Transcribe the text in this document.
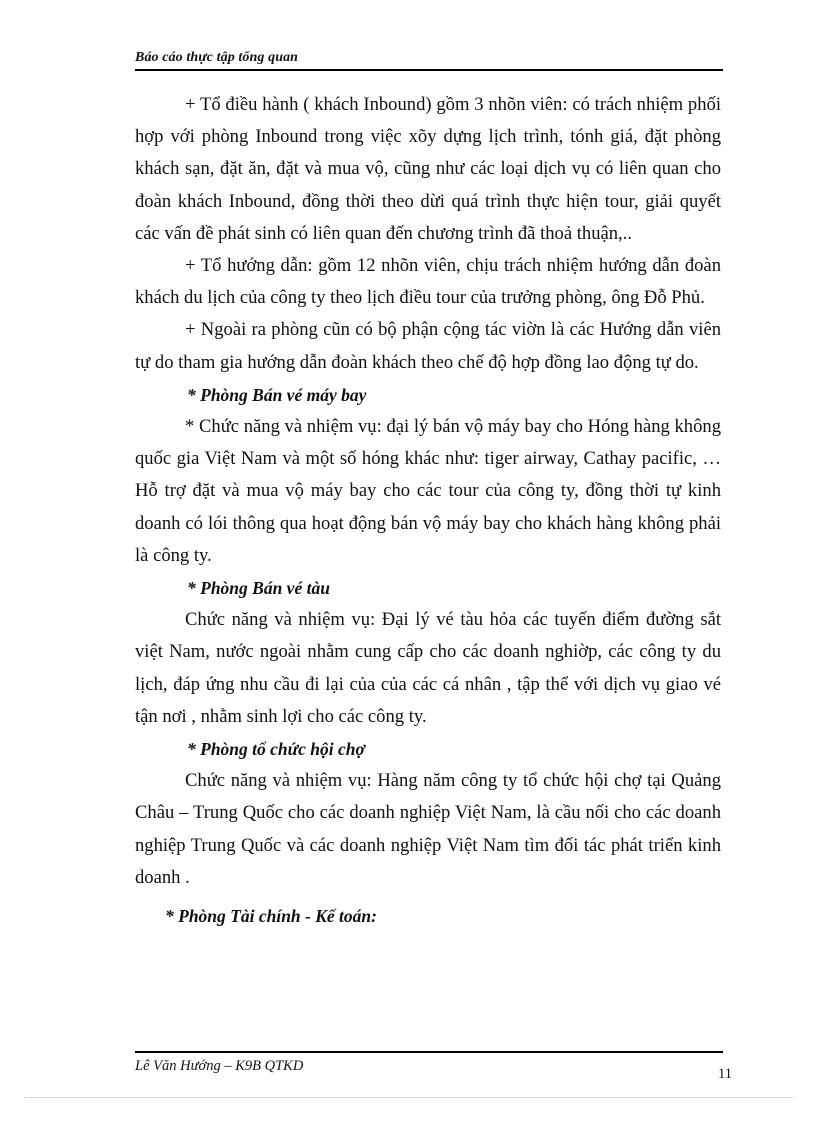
Báo cáo thực tập tổng quan

+ Tổ điều hành ( khách Inbound) gồm 3 nhõn viên: có trách nhiệm phối hợp với phòng Inbound trong việc xõy dựng lịch trình, tónh giá, đặt phòng khách sạn, đặt ăn, đặt và mua vộ, cũng như các loại dịch vụ có liên quan cho đoàn khách Inbound, đồng thời theo dừi quá trình thực hiện tour, giải quyết các vấn đề phát sinh có liên quan đến chương trình đã thoả thuận,..

+ Tổ hướng dẫn: gồm 12 nhõn viên, chịu trách nhiệm hướng dẫn đoàn khách du lịch của công ty theo lịch điều tour của trưởng phòng, ông Đỗ Phủ.

+ Ngoài ra phòng cũn có bộ phận cộng tác viờn là các Hướng dẫn viên tự do tham gia hướng dẫn đoàn khách theo chế độ hợp đồng lao động tự do.

* Phòng Bán vé máy bay

* Chức năng và nhiệm vụ: đại lý bán vộ máy bay cho Hóng hàng không quốc gia Việt Nam và một số hóng khác như: tiger airway, Cathay pacific, …Hỗ trợ đặt và mua vộ máy bay cho các tour của công ty, đồng thời tự kinh doanh có lói thông qua hoạt động bán vộ máy bay cho khách hàng không phải là công ty.

* Phòng Bán vé tàu

Chức năng và nhiệm vụ: Đại lý vé tàu hỏa các tuyến điểm đường sắt việt Nam, nước ngoài nhằm cung cấp cho các doanh nghiờp, các công ty du lịch, đáp ứng nhu cầu đi lại của của các cá nhân , tập thể với dịch vụ giao vé tận nơi , nhằm sinh lợi cho các công ty.

* Phòng tổ chức hội chợ

Chức năng và nhiệm vụ: Hàng năm công ty tổ chức hội chợ tại Quảng Châu – Trung Quốc cho các doanh nghiệp Việt Nam, là cầu nối cho các doanh nghiệp Trung Quốc và các doanh nghiệp Việt Nam tìm đối tác phát triển kinh doanh .

* Phòng Tài chính - Kế toán:

Lê Văn Hướng – K9B QTKD	11
